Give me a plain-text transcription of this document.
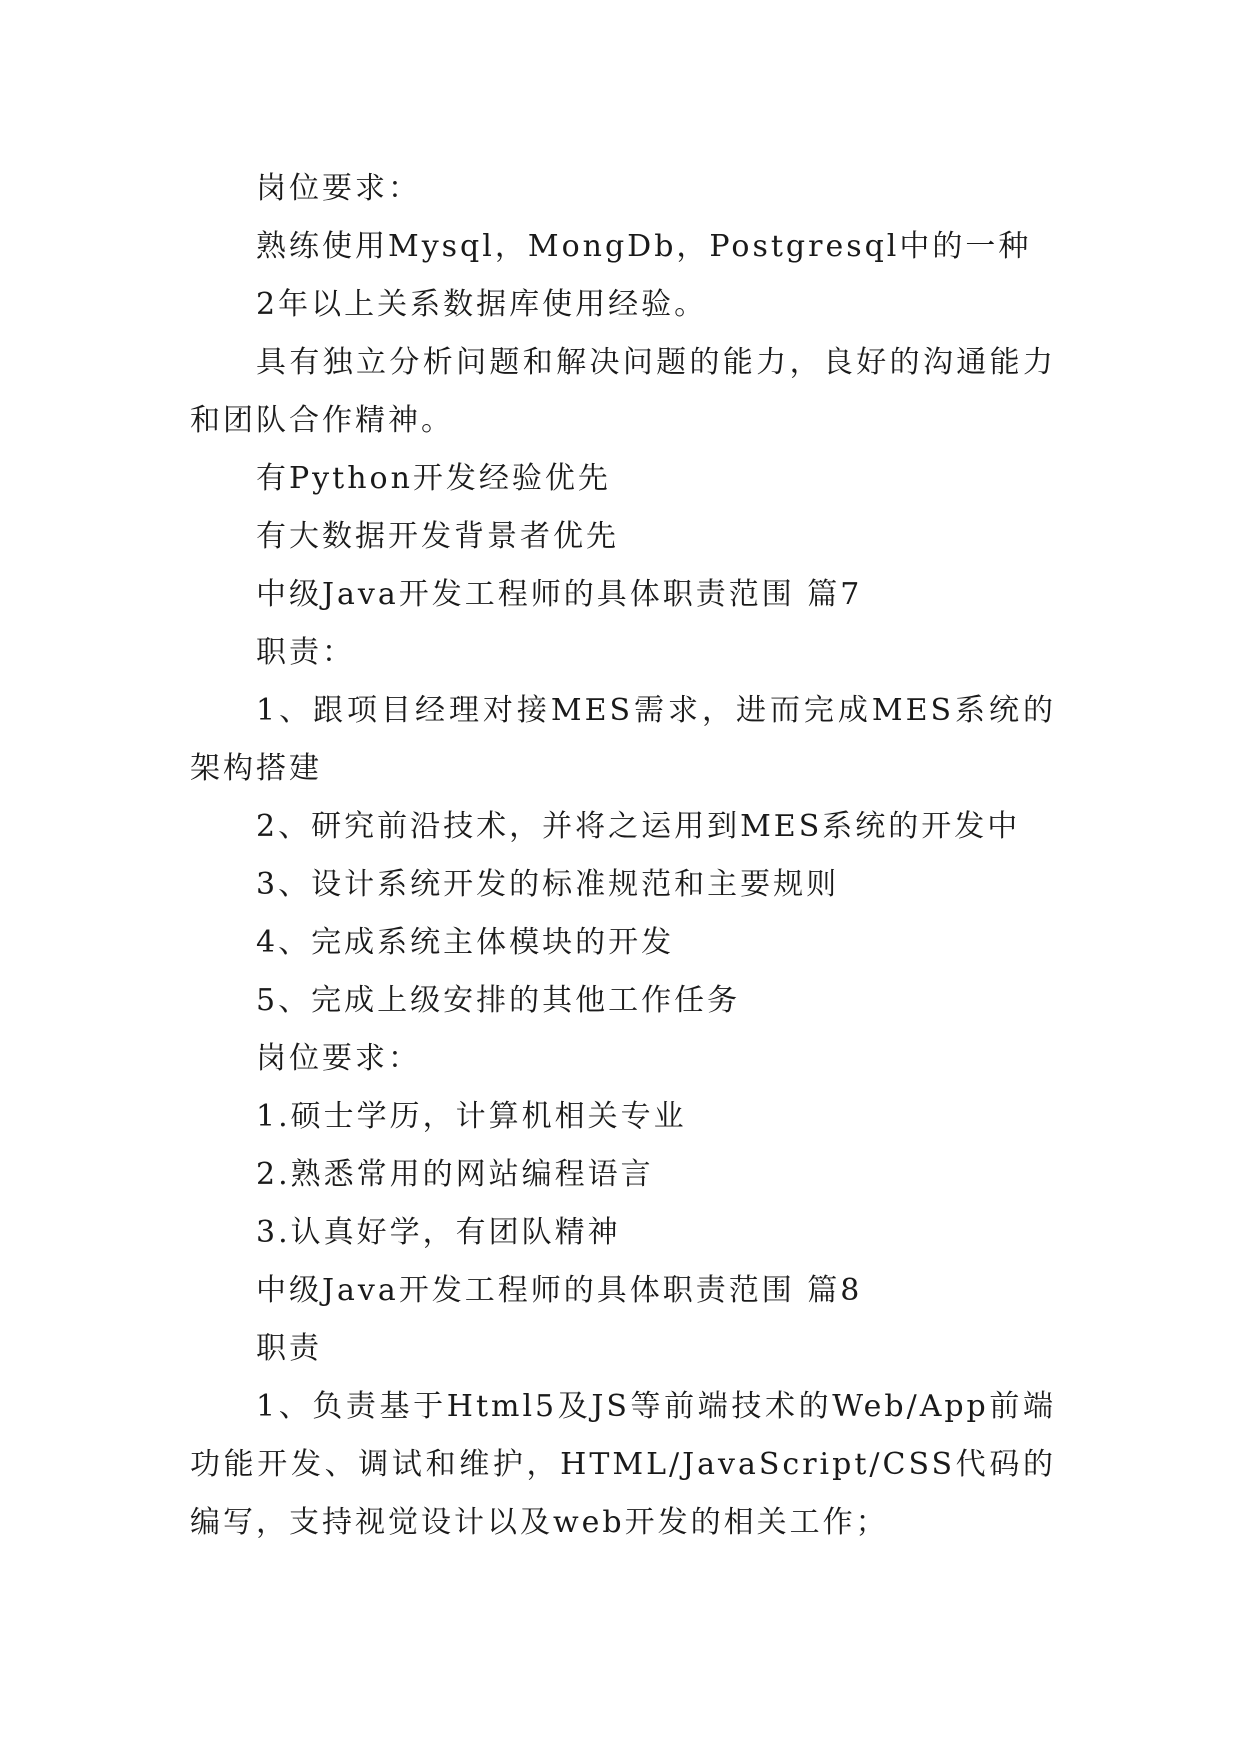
岗位要求：

熟练使用Mysql，MongDb，Postgresql中的一种

2年以上关系数据库使用经验。

具有独立分析问题和解决问题的能力，良好的沟通能力和团队合作精神。

有Python开发经验优先

有大数据开发背景者优先

中级Java开发工程师的具体职责范围 篇7

职责：

1、跟项目经理对接MES需求，进而完成MES系统的架构搭建

2、研究前沿技术，并将之运用到MES系统的开发中

3、设计系统开发的标准规范和主要规则

4、完成系统主体模块的开发

5、完成上级安排的其他工作任务

岗位要求：

1.硕士学历，计算机相关专业

2.熟悉常用的网站编程语言

3.认真好学，有团队精神

中级Java开发工程师的具体职责范围 篇8

职责

1、负责基于Html5及JS等前端技术的Web/App前端功能开发、调试和维护，HTML/JavaScript/CSS代码的编写，支持视觉设计以及web开发的相关工作；
